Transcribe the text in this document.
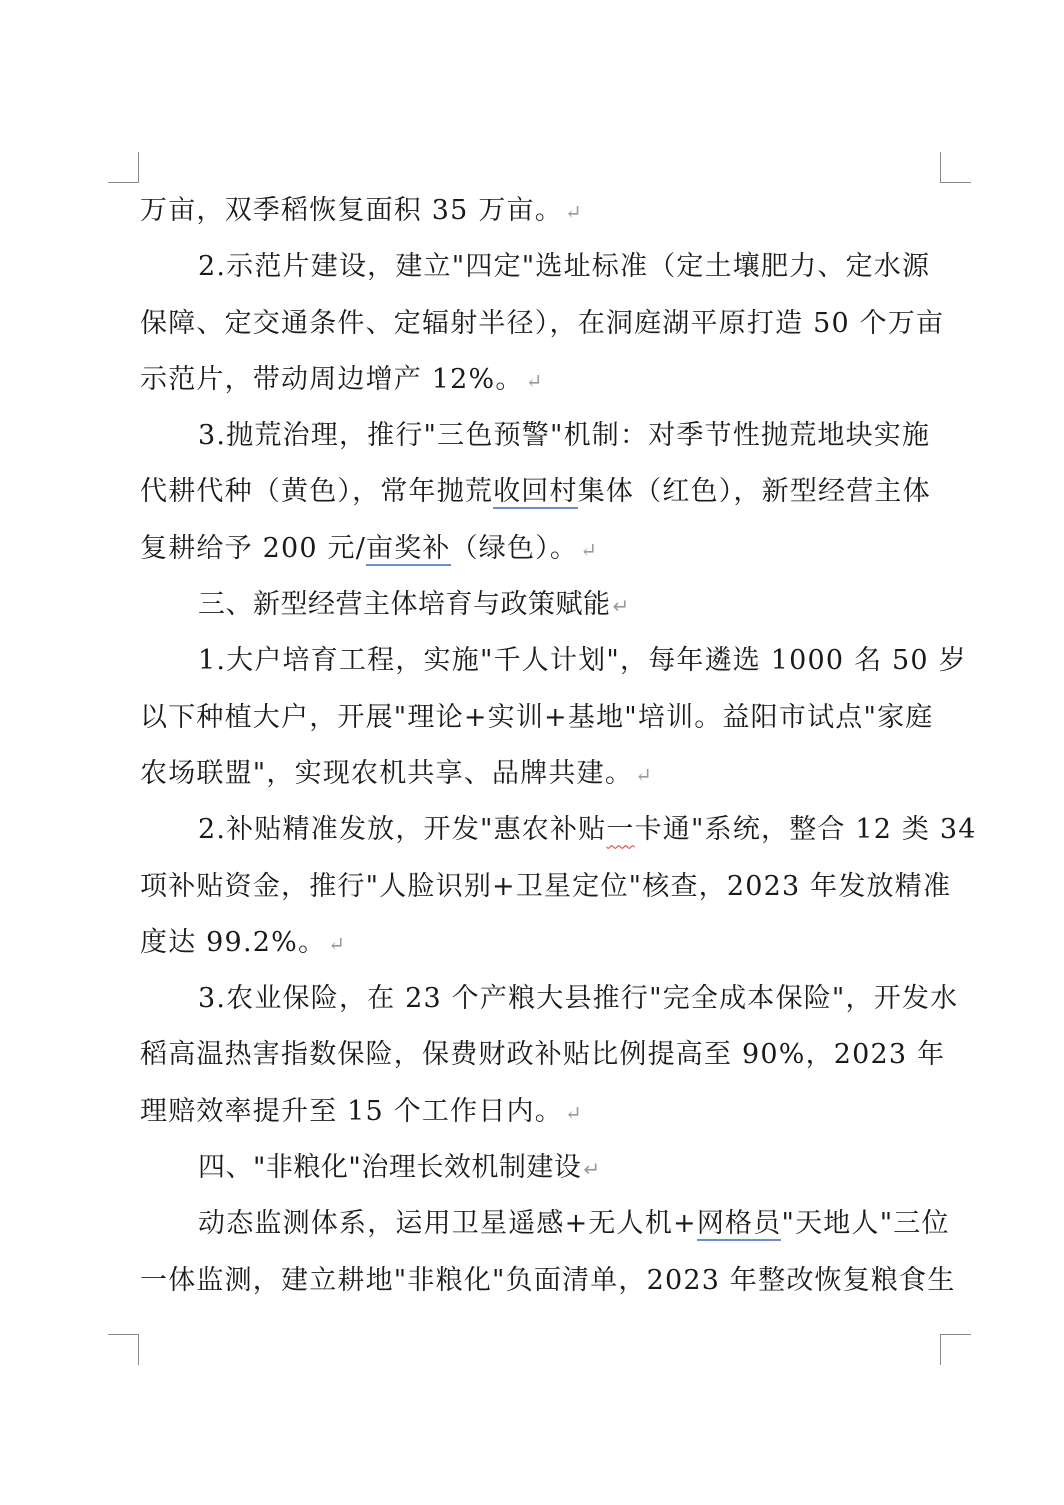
万亩，双季稻恢复面积 35 万亩。 ↵
2.示范片建设，建立"四定"选址标准（定土壤肥力、定水源
保障、定交通条件、定辐射半径），在洞庭湖平原打造 50 个万亩
示范片，带动周边增产 12%。 ↵
3.抛荒治理，推行"三色预警"机制：对季节性抛荒地块实施
代耕代种（黄色），常年抛荒收回村集体（红色），新型经营主体
复耕给予 200 元/亩奖补（绿色）。 ↵
三、新型经营主体培育与政策赋能 ↵
1.大户培育工程，实施"千人计划"，每年遴选 1000 名 50 岁
以下种植大户，开展"理论+实训+基地"培训。益阳市试点"家庭
农场联盟"，实现农机共享、品牌共建。 ↵
2.补贴精准发放，开发"惠农补贴一卡通"系统，整合 12 类 34
项补贴资金，推行"人脸识别+卫星定位"核查，2023 年发放精准
度达 99.2%。 ↵
3.农业保险，在 23 个产粮大县推行"完全成本保险"，开发水
稻高温热害指数保险，保费财政补贴比例提高至 90%，2023 年
理赔效率提升至 15 个工作日内。 ↵
四、"非粮化"治理长效机制建设 ↵
动态监测体系，运用卫星遥感+无人机+网格员"天地人"三位
一体监测，建立耕地"非粮化"负面清单，2023 年整改恢复粮食生
